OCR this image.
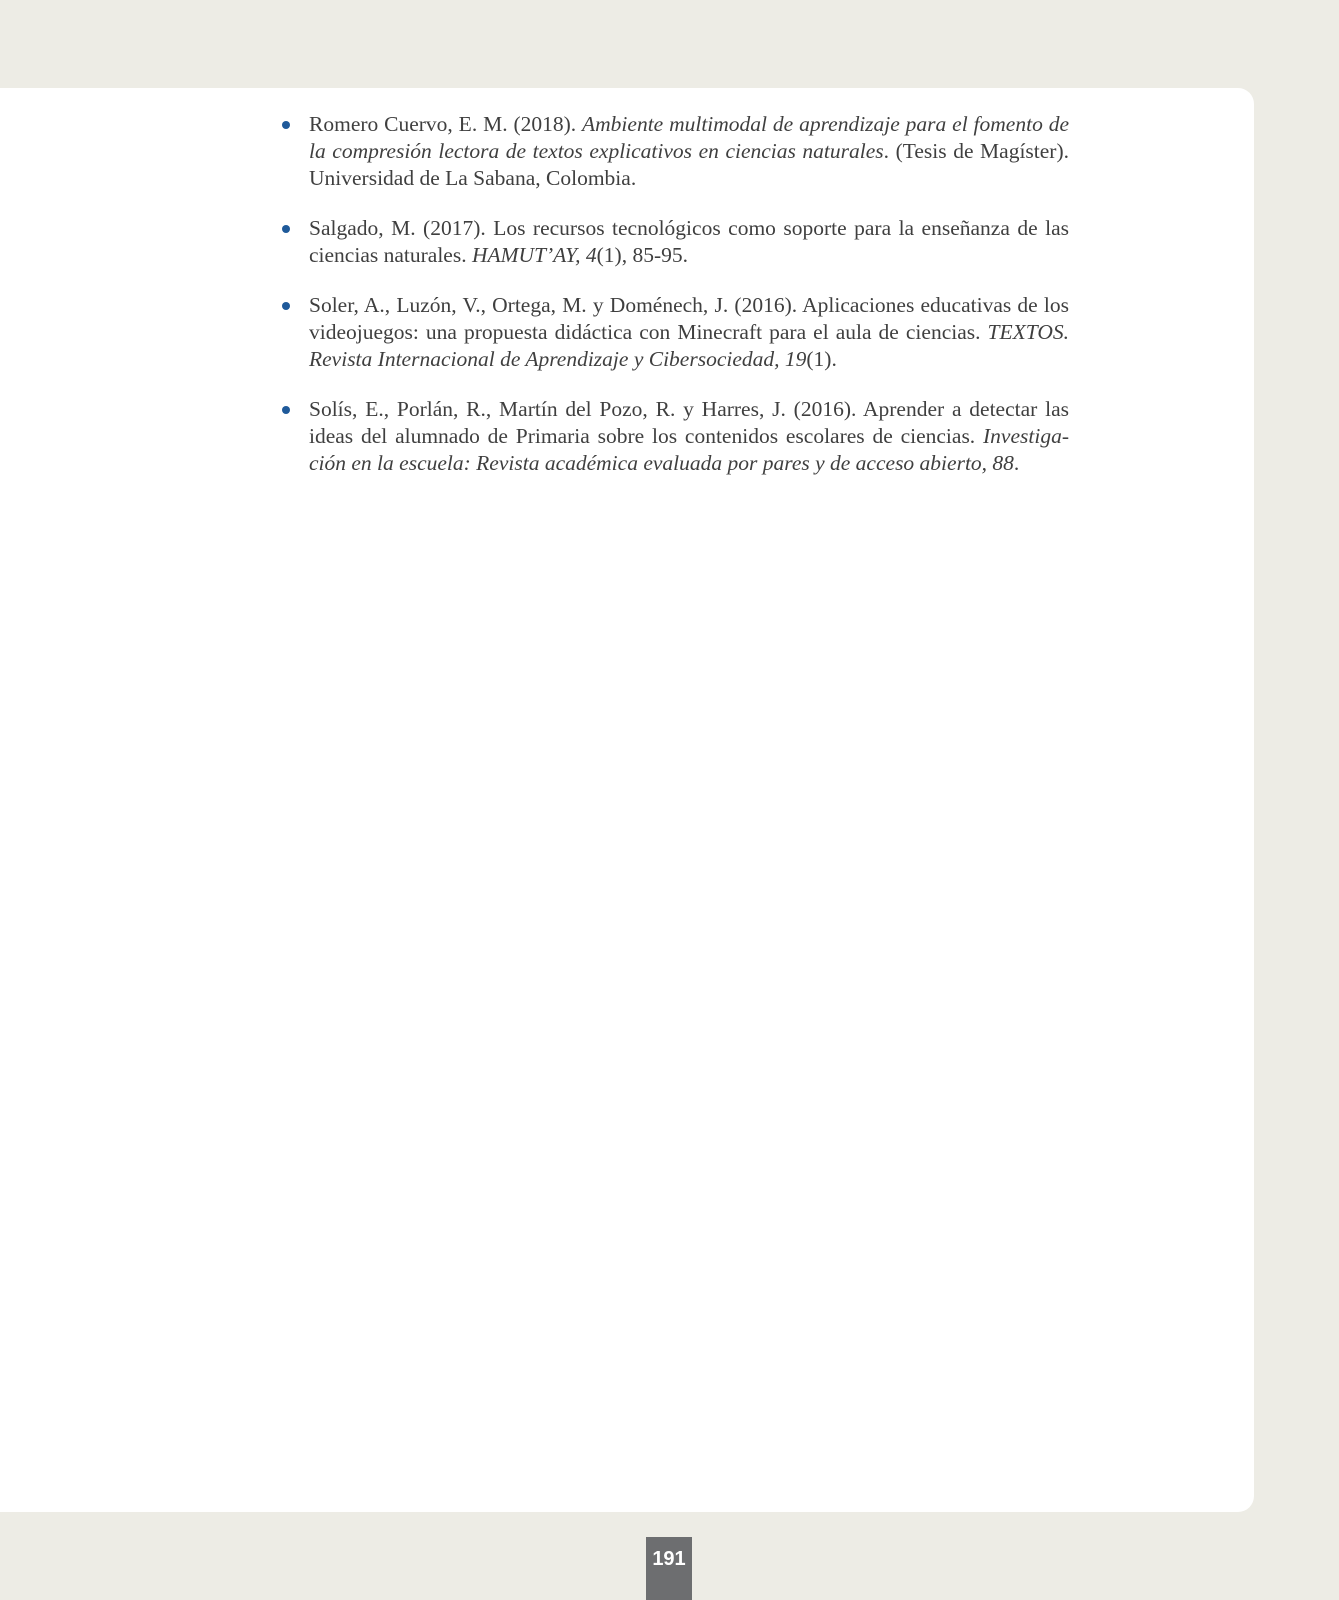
Romero Cuervo, E. M. (2018). Ambiente multimodal de aprendizaje para el fomento de la compresión lectora de textos explicativos en ciencias naturales. (Tesis de Magíster). Universidad de La Sabana, Colombia.
Salgado, M. (2017). Los recursos tecnológicos como soporte para la enseñanza de las ciencias naturales. HAMUT’AY, 4(1), 85-95.
Soler, A., Luzón, V., Ortega, M. y Doménech, J. (2016). Aplicaciones educativas de los videojuegos: una propuesta didáctica con Minecraft para el aula de ciencias. TEXTOS. Revista Internacional de Aprendizaje y Cibersociedad, 19(1).
Solís, E., Porlán, R., Martín del Pozo, R. y Harres, J. (2016). Aprender a detectar las ideas del alumnado de Primaria sobre los contenidos escolares de ciencias. Investigación en la escuela: Revista académica evaluada por pares y de acceso abierto, 88.
191
